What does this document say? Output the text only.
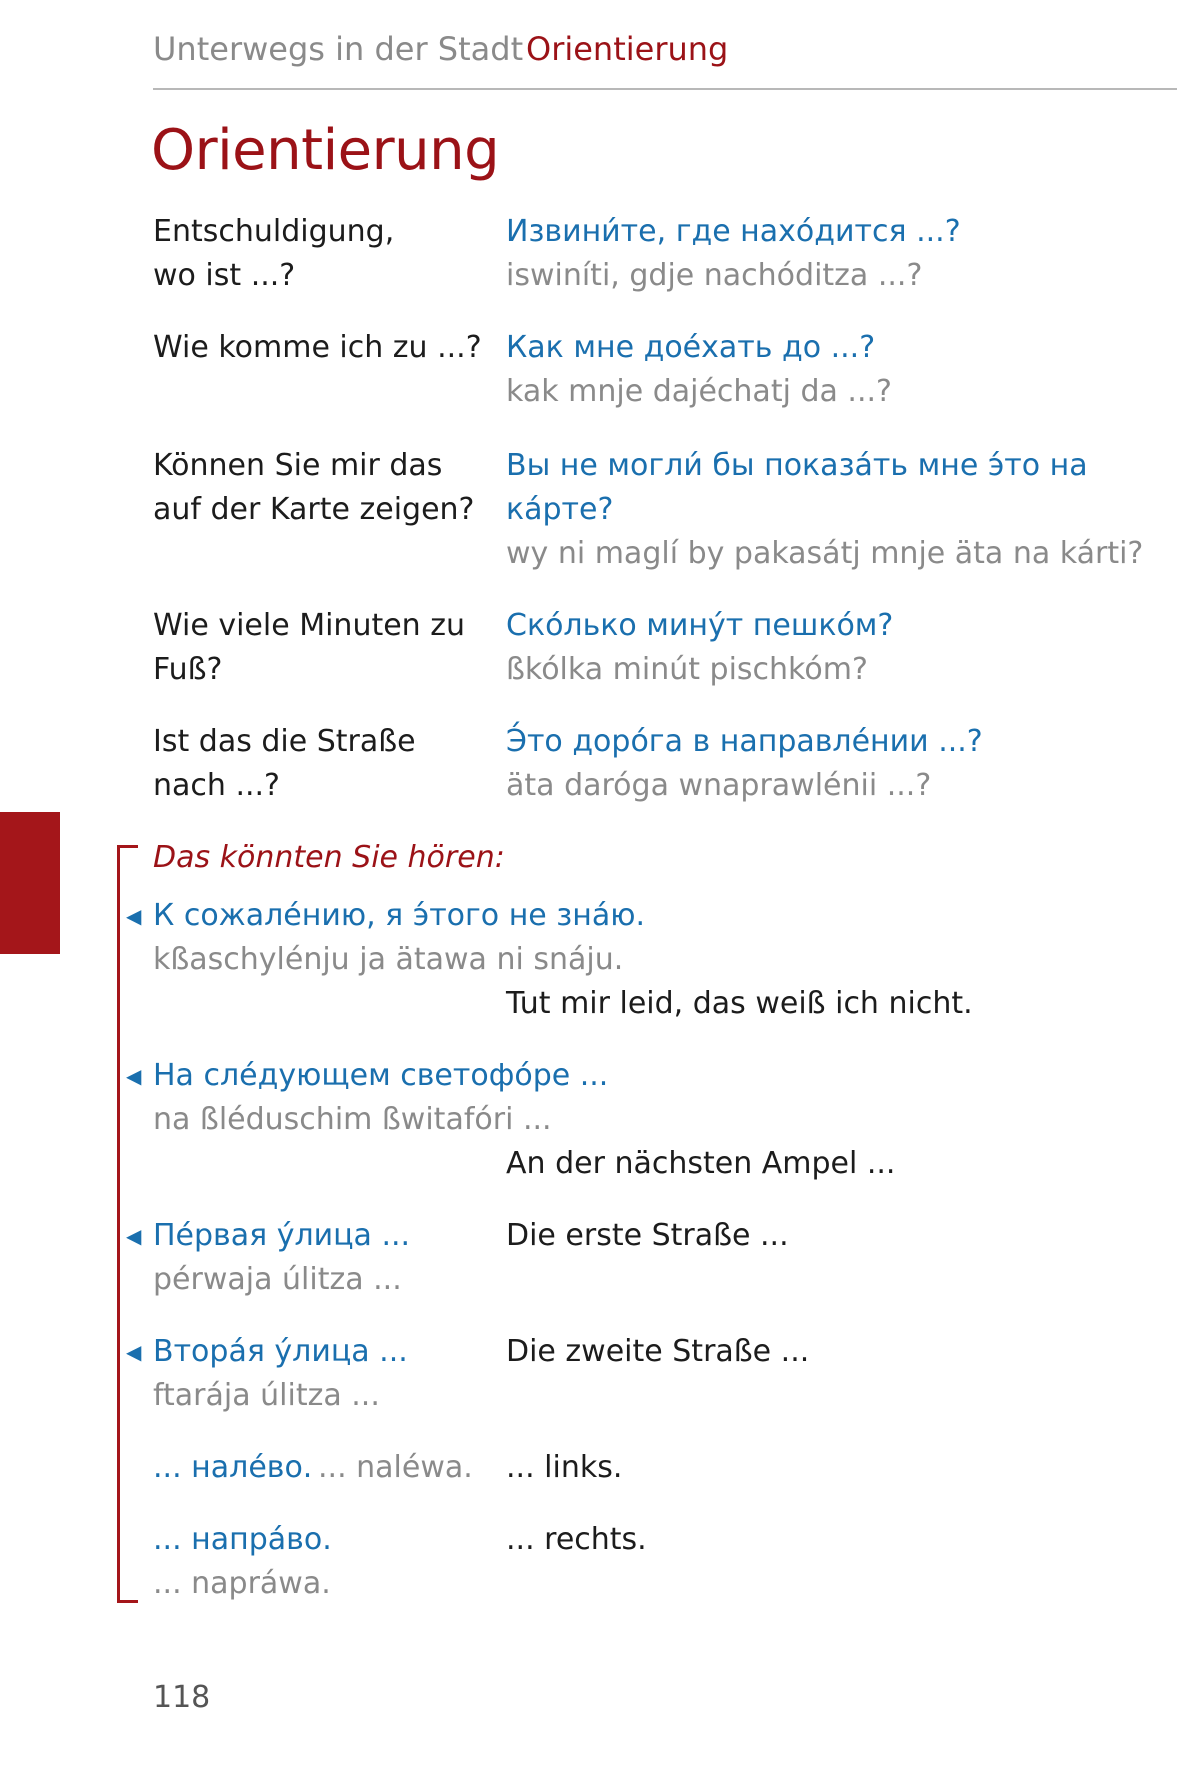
Unterwegs in der Stadt Orientierung
Orientierung
Entschuldigung,
wo ist ...?
Извини́те, где нахо́дится ...?
iswiníti, gdje nachóditza ...?
Wie komme ich zu ...? Как мне дое́хать до ...?
kak mnje dajéchatj da ...?
Können Sie mir das
auf der Karte zeigen?
Вы не могли́ бы показа́ть мне э́то на
ка́рте?
wy ni maglí by pakasátj mnje äta na kárti?
Wie viele Minuten zu
Fuß?
Ско́лько мину́т пешко́м?
ßkólka minút pischkóm?
Ist das die Straße
nach ...?
Э́то доро́га в направле́нии ...?
äta daróga wnaprawlénii ...?
Das könnten Sie hören:
◀ К сожале́нию, я э́того не зна́ю.
kßaschylénju ja ätawa ni snáju.
Tut mir leid, das weiß ich nicht.
◀ На сле́дующем светофо́ре ...
na ßléduschim ßwitafóri ...
An der nächsten Ampel ...
◀ Пе́рвая у́лица ...
pérwaja úlitza ...
Die erste Straße ...
◀ Втора́я у́лица ...
ftarája úlitza ...
Die zweite Straße ...
... нале́во. ... naléwa. ... links.
... напра́во.
... napráwa.
... rechts.
118
